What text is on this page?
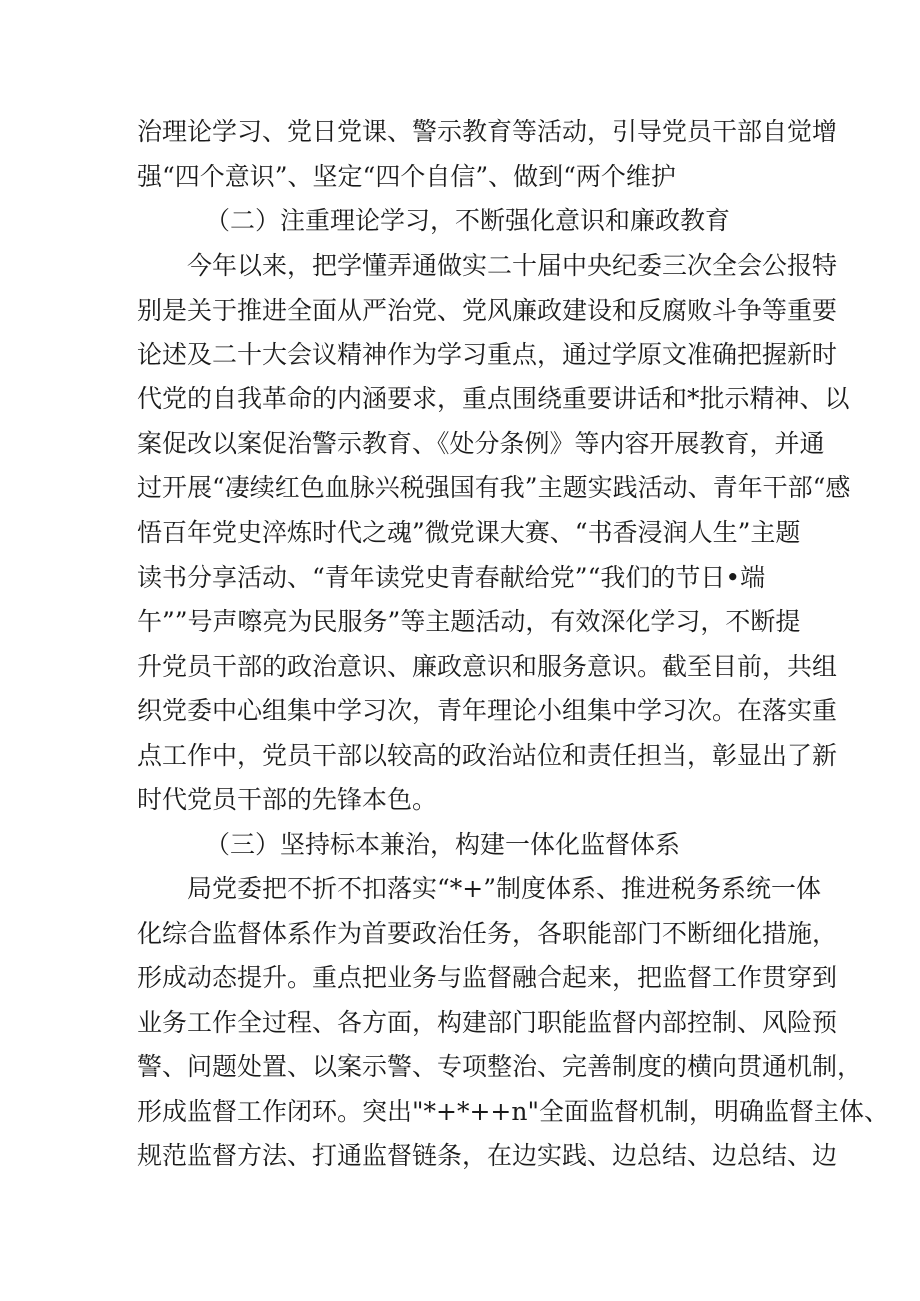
治理论学习、党日党课、警示教育等活动，引导党员干部自觉增
强“四个意识”、坚定“四个自信”、做到“两个维护
（二）注重理论学习，不断强化意识和廉政教育
今年以来，把学懂弄通做实二十届中央纪委三次全会公报特
别是关于推进全面从严治党、党风廉政建设和反腐败斗争等重要
论述及二十大会议精神作为学习重点，通过学原文准确把握新时
代党的自我革命的内涵要求，重点围绕重要讲话和*批示精神、以
案促改以案促治警示教育、《处分条例》等内容开展教育，并通
过开展“凄续红色血脉兴税强国有我”主题实践活动、青年干部“感
悟百年党史淬炼时代之魂”微党课大赛、“书香浸润人生”主题
读书分享活动、“青年读党史青春献给党”“我们的节日•端
午””号声嚓亮为民服务”等主题活动，有效深化学习，不断提
升党员干部的政治意识、廉政意识和服务意识。截至目前，共组
织党委中心组集中学习次，青年理论小组集中学习次。在落实重
点工作中，党员干部以较高的政治站位和责任担当，彰显出了新
时代党员干部的先锋本色。
（三）坚持标本兼治，构建一体化监督体系
局党委把不折不扣落实“*+”制度体系、推进税务系统一体
化综合监督体系作为首要政治任务，各职能部门不断细化措施，
形成动态提升。重点把业务与监督融合起来，把监督工作贯穿到
业务工作全过程、各方面，构建部门职能监督内部控制、风险预
警、问题处置、以案示警、专项整治、完善制度的横向贯通机制，
形成监督工作闭环。突出"*+*++n"全面监督机制，明确监督主体、
规范监督方法、打通监督链条，在边实践、边总结、边总结、边
